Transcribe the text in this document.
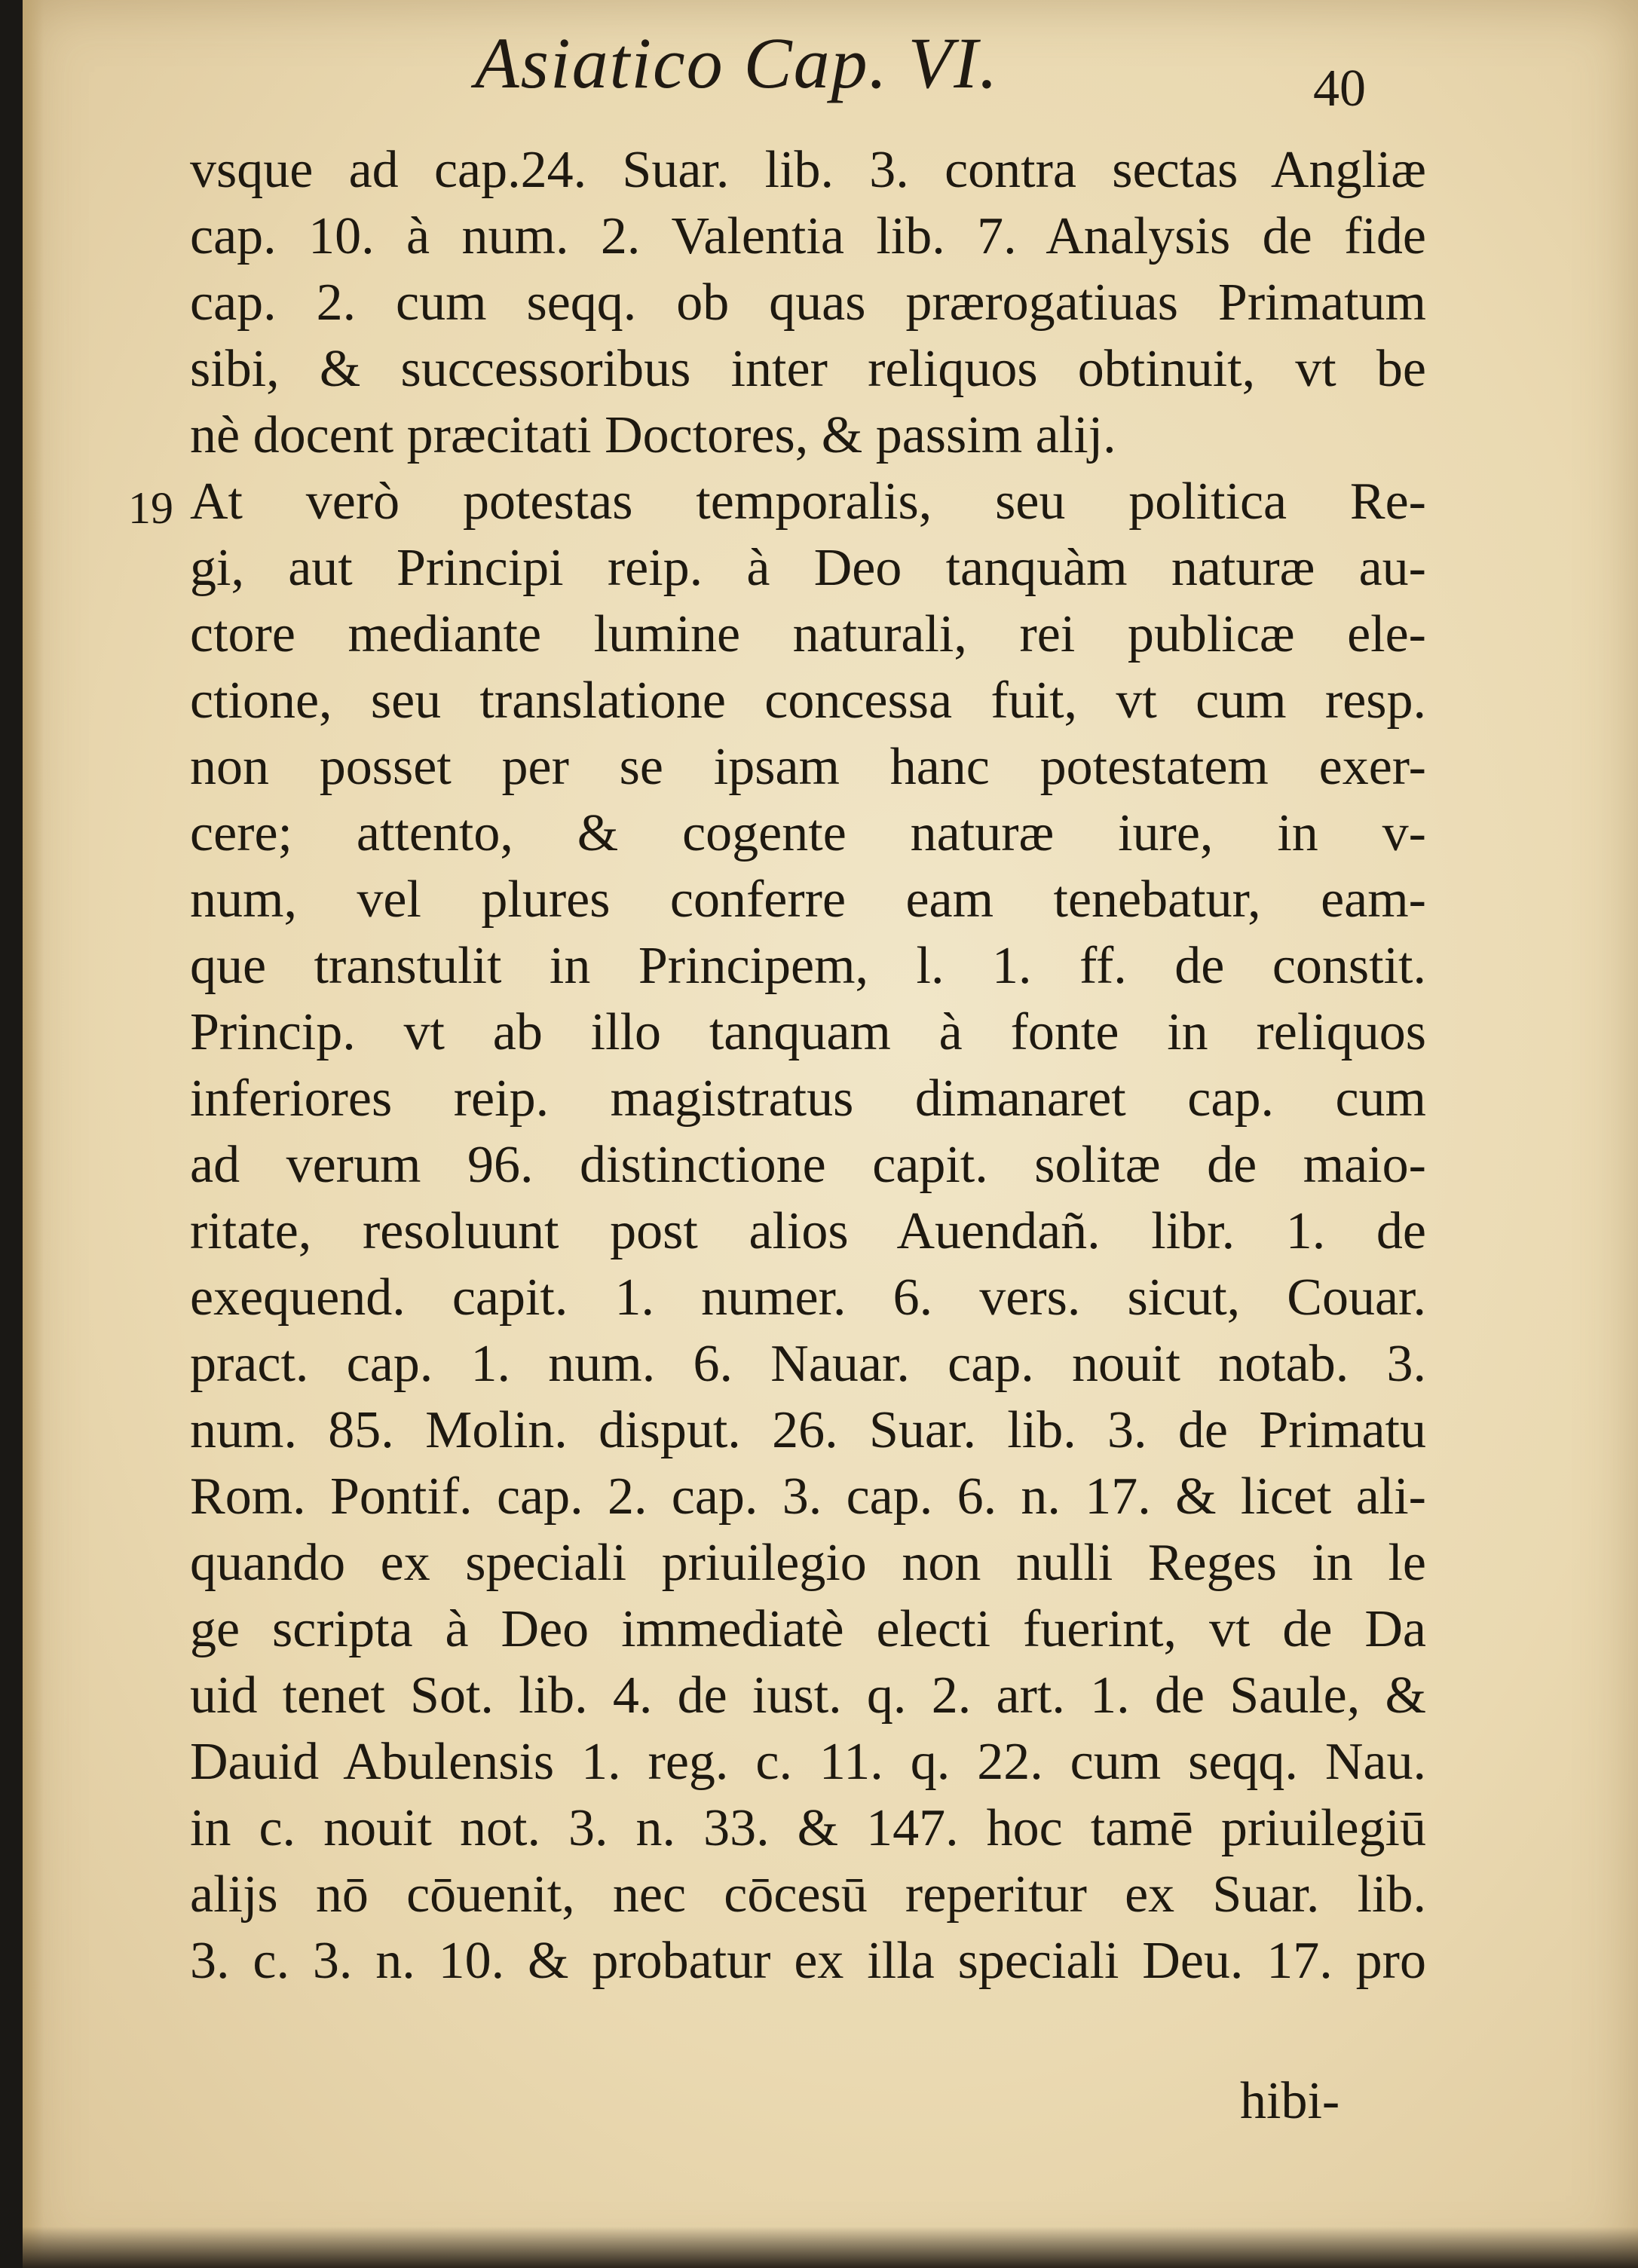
Asiatico Cap. VI.	40
19
vsque ad cap.24. Suar. lib. 3. contra sectas Angliæ
cap. 10. à num. 2. Valentia lib. 7. Analysis de fide
cap. 2. cum seqq. ob quas prærogatiuas Primatum
sibi, & successoribus inter reliquos obtinuit, vt be
nè docent præcitati Doctores, & passim alij.
At verò potestas temporalis, seu politica Re-
gi, aut Principi reip. à Deo tanquàm naturæ au-
ctore mediante lumine naturali, rei publicæ ele-
ctione, seu translatione concessa fuit, vt cum resp.
non posset per se ipsam hanc potestatem exer-
cere; attento, & cogente naturæ iure, in v-
num, vel plures conferre eam tenebatur, eam-
que transtulit in Principem, l. 1. ff. de constit.
Princip. vt ab illo tanquam à fonte in reliquos
inferiores reip. magistratus dimanaret cap. cum
ad verum 96. distinctione capit. solitæ de maio-
ritate, resoluunt post alios Auendañ. libr. 1. de
exequend. capit. 1. numer. 6. vers. sicut, Couar.
pract. cap. 1. num. 6. Nauar. cap. nouit notab. 3.
num. 85. Molin. disput. 26. Suar. lib. 3. de Primatu
Rom. Pontif. cap. 2. cap. 3. cap. 6. n. 17. & licet ali-
quando ex speciali priuilegio non nulli Reges in le
ge scripta à Deo immediatè electi fuerint, vt de Da
uid tenet Sot. lib. 4. de iust. q. 2. art. 1. de Saule, &
Dauid Abulensis 1. reg. c. 11. q. 22. cum seqq. Nau.
in c. nouit not. 3. n. 33. & 147. hoc tamē priuilegiū
alijs nō cōuenit, nec cōcesū reperitur ex Suar. lib.
3. c. 3. n. 10. & probatur ex illa speciali Deu. 17. pro
hibi-
